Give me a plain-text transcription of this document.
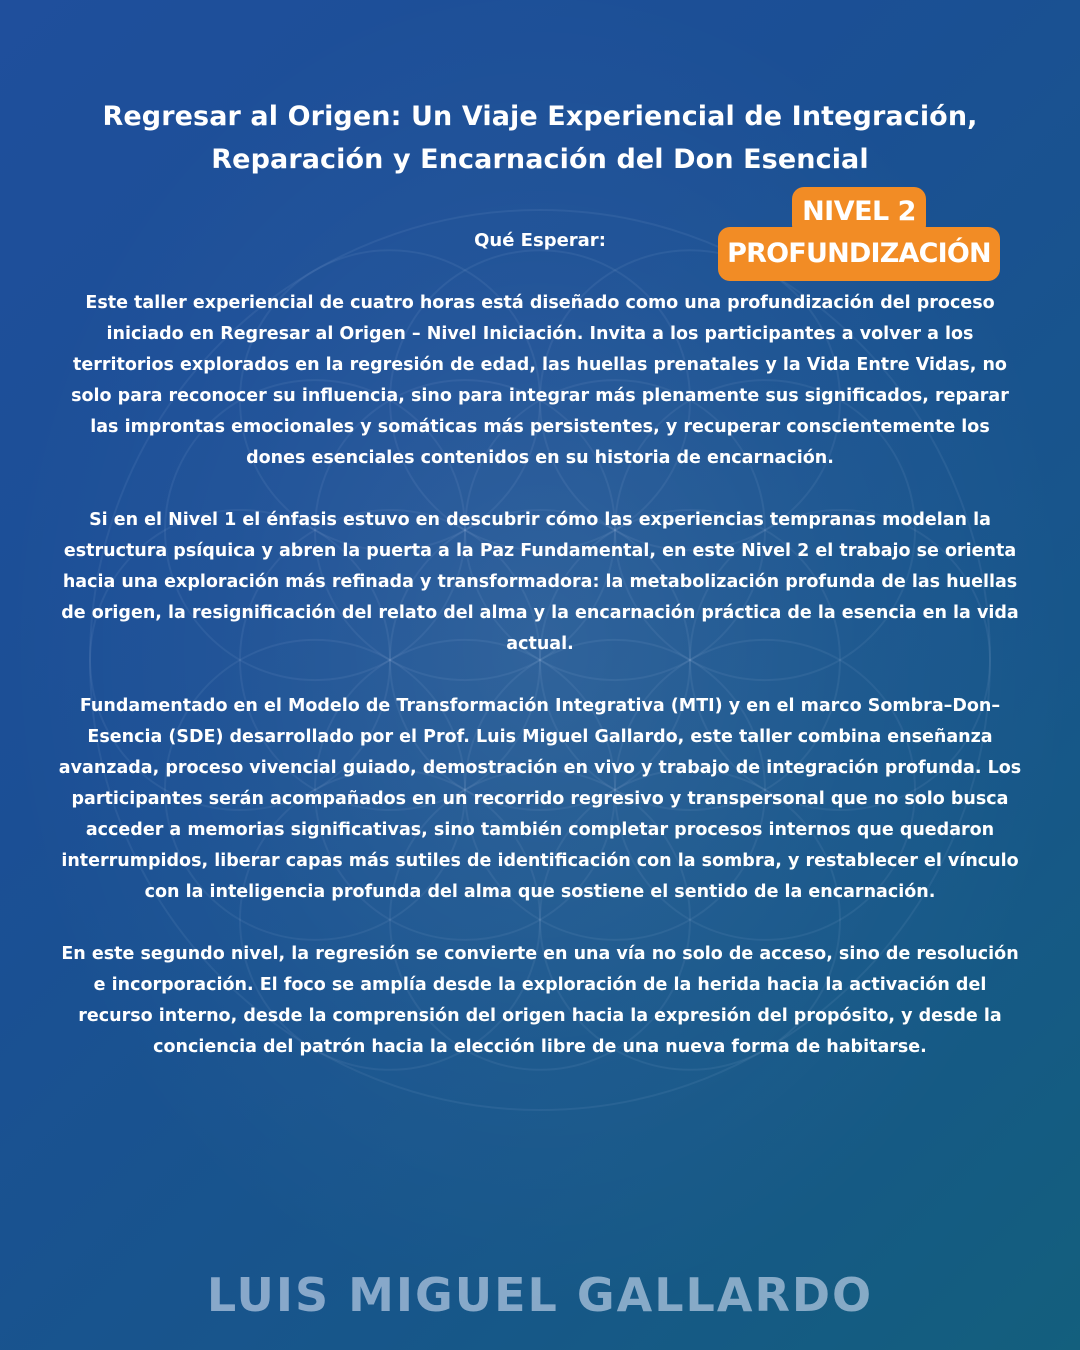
Regresar al Origen: Un Viaje Experiencial de Integración, Reparación y Encarnación del Don Esencial
Qué Esperar:
NIVEL 2
PROFUNDIZACIÓN

Este taller experiencial de cuatro horas está diseñado como una profundización del proceso iniciado en Regresar al Origen – Nivel Iniciación. Invita a los participantes a volver a los territorios explorados en la regresión de edad, las huellas prenatales y la Vida Entre Vidas, no solo para reconocer su influencia, sino para integrar más plenamente sus significados, reparar las improntas emocionales y somáticas más persistentes, y recuperar conscientemente los dones esenciales contenidos en su historia de encarnación.

Si en el Nivel 1 el énfasis estuvo en descubrir cómo las experiencias tempranas modelan la estructura psíquica y abren la puerta a la Paz Fundamental, en este Nivel 2 el trabajo se orienta hacia una exploración más refinada y transformadora: la metabolización profunda de las huellas de origen, la resignificación del relato del alma y la encarnación práctica de la esencia en la vida actual.

Fundamentado en el Modelo de Transformación Integrativa (MTI) y en el marco Sombra–Don–Esencia (SDE) desarrollado por el Prof. Luis Miguel Gallardo, este taller combina enseñanza avanzada, proceso vivencial guiado, demostración en vivo y trabajo de integración profunda. Los participantes serán acompañados en un recorrido regresivo y transpersonal que no solo busca acceder a memorias significativas, sino también completar procesos internos que quedaron interrumpidos, liberar capas más sutiles de identificación con la sombra, y restablecer el vínculo con la inteligencia profunda del alma que sostiene el sentido de la encarnación.

En este segundo nivel, la regresión se convierte en una vía no solo de acceso, sino de resolución e incorporación. El foco se amplía desde la exploración de la herida hacia la activación del recurso interno, desde la comprensión del origen hacia la expresión del propósito, y desde la conciencia del patrón hacia la elección libre de una nueva forma de habitarse.

LUIS MIGUEL GALLARDO
